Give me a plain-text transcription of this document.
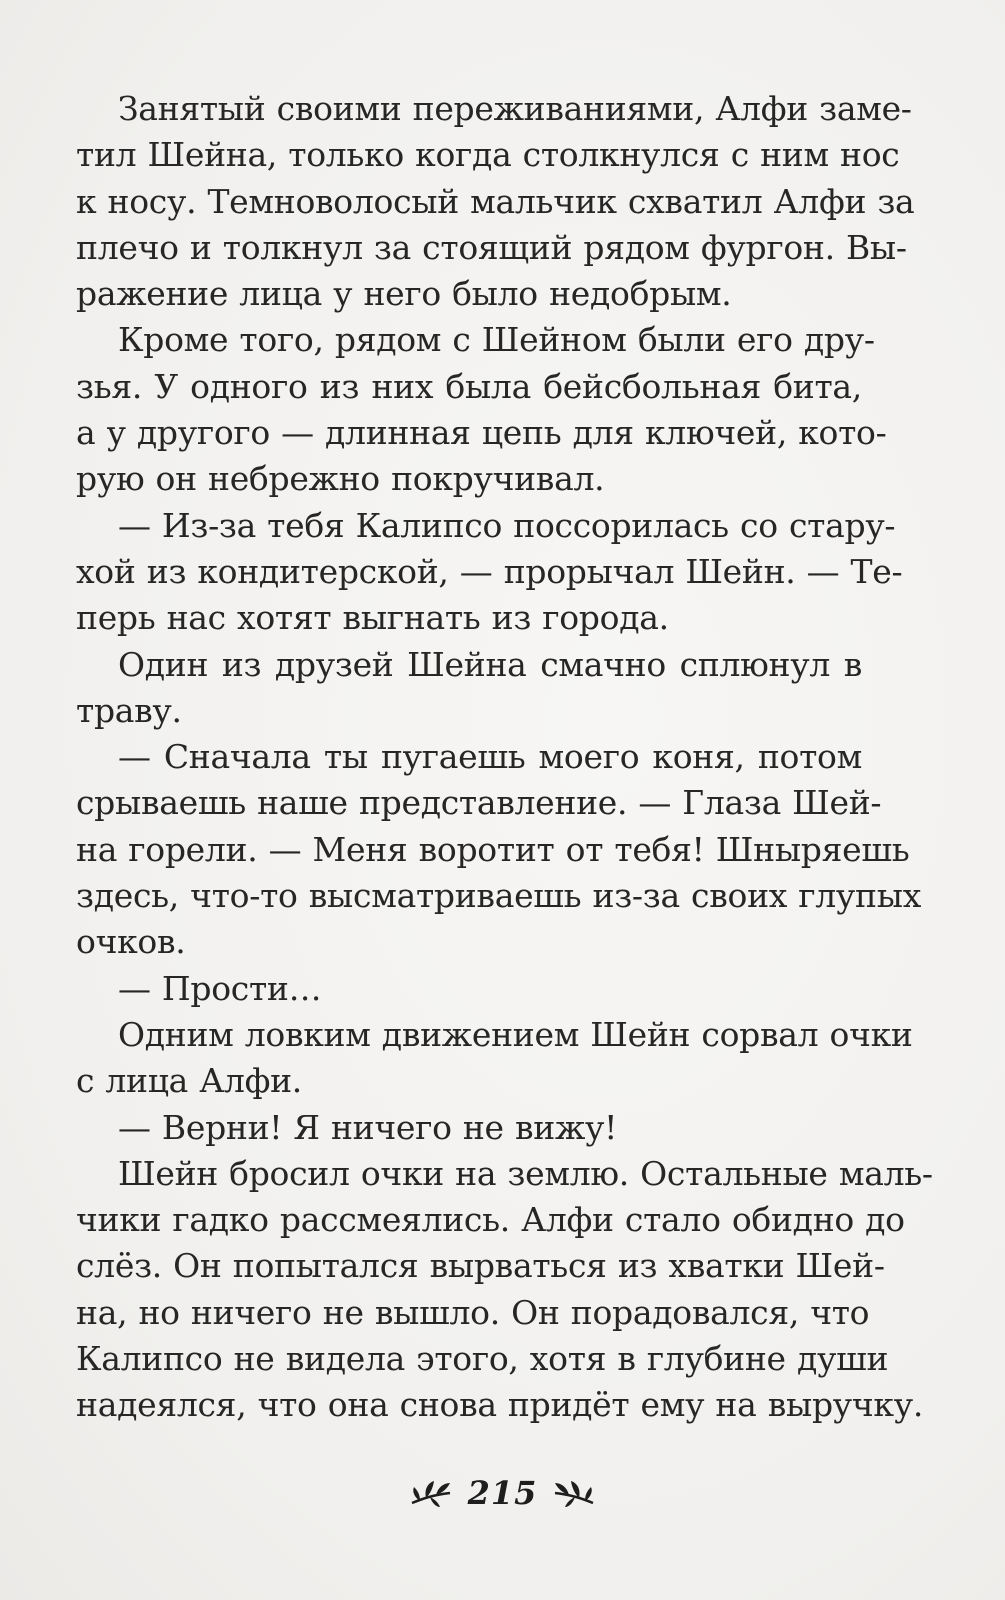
Занятый своими переживаниями, Алфи заме-
тил Шейна, только когда столкнулся с ним нос
к носу. Темноволосый мальчик схватил Алфи за
плечо и толкнул за стоящий рядом фургон. Вы-
ражение лица у него было недобрым.

Кроме того, рядом с Шейном были его дру-
зья. У одного из них была бейсбольная бита,
а у другого — длинная цепь для ключей, кото-
рую он небрежно покручивал.

— Из-за тебя Калипсо поссорилась со стару-
хой из кондитерской, — прорычал Шейн. — Те-
перь нас хотят выгнать из города.

Один из друзей Шейна смачно сплюнул в
траву.

— Сначала ты пугаешь моего коня, потом
срываешь наше представление. — Глаза Шей-
на горели. — Меня воротит от тебя! Шныряешь
здесь, что-то высматриваешь из-за своих глупых
очков.

— Прости…

Одним ловким движением Шейн сорвал очки
с лица Алфи.

— Верни! Я ничего не вижу!

Шейн бросил очки на землю. Остальные маль-
чики гадко рассмеялись. Алфи стало обидно до
слёз. Он попытался вырваться из хватки Шей-
на, но ничего не вышло. Он порадовался, что
Калипсо не видела этого, хотя в глубине души
надеялся, что она снова придёт ему на выручку.

215
